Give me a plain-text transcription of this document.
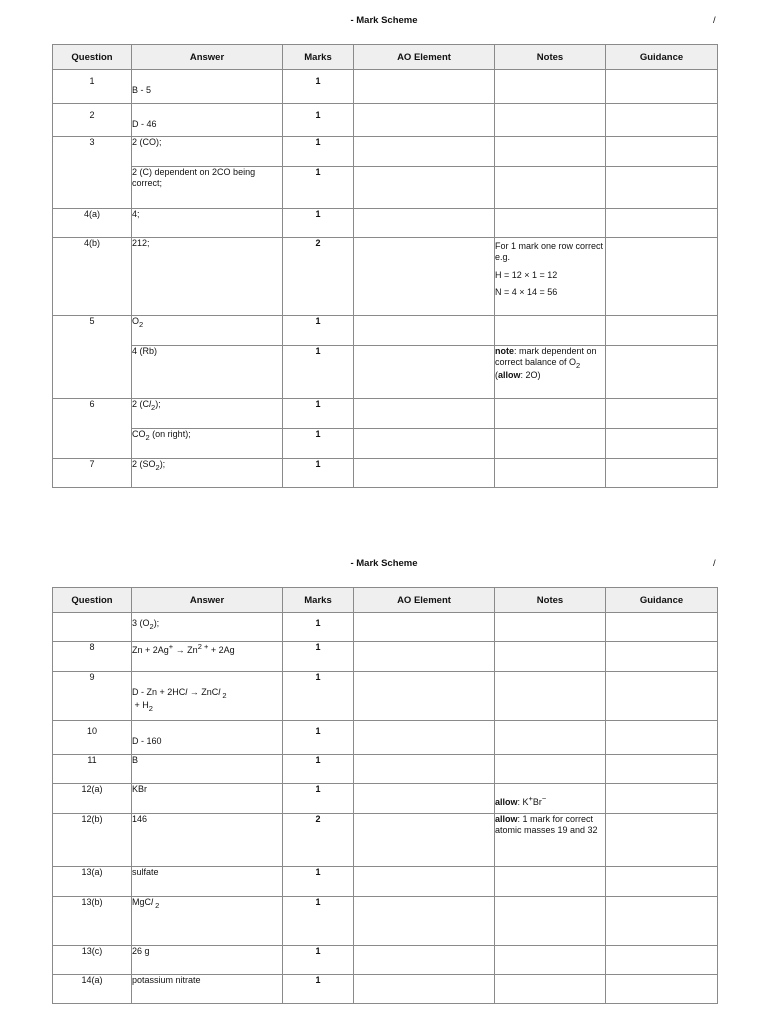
- Mark Scheme	/
Question	Answer	Marks	AO Element	Notes	Guidance
1	B - 5	1			
2	D - 46	1			
3	2 (CO);	1			
	2 (C) dependent on 2CO being correct;	1			
4(a)	4;	1			
4(b)	212;	2		For 1 mark one row correct e.g.

H = 12 × 1 = 12

N = 4 × 14 = 56	

5	$O_2$	1			
	4 (Rb)	1		note: mark dependent on correct balance of $O_2$ (allow: 2O)	
6	2 $(Cl_2)$;	1			
	$CO_2$ (on right);	1			
7	2 $(SO_2)$;	1			
- Mark Scheme	/
Question	Answer	Marks	AO Element	Notes	Guidance
	3 $(O_2)$;	1			
8	$Zn + 2Ag^+ \to Zn^{2 +} + 2Ag$	1			
9	D - Zn + 2HCl → ZnCl $_2$
+ $H_2$	1			
10	D - 160	1			
11	B	1			
12(a)	KBr	1		allow: K+Br−	
12(b)	146	2		allow: 1 mark for correct atomic masses 19 and 32	
13(a)	sulfate	1			
13(b)	MgCl $_2$	1			
13(c)	26 g	1			
14(a)	potassium nitrate	1			
